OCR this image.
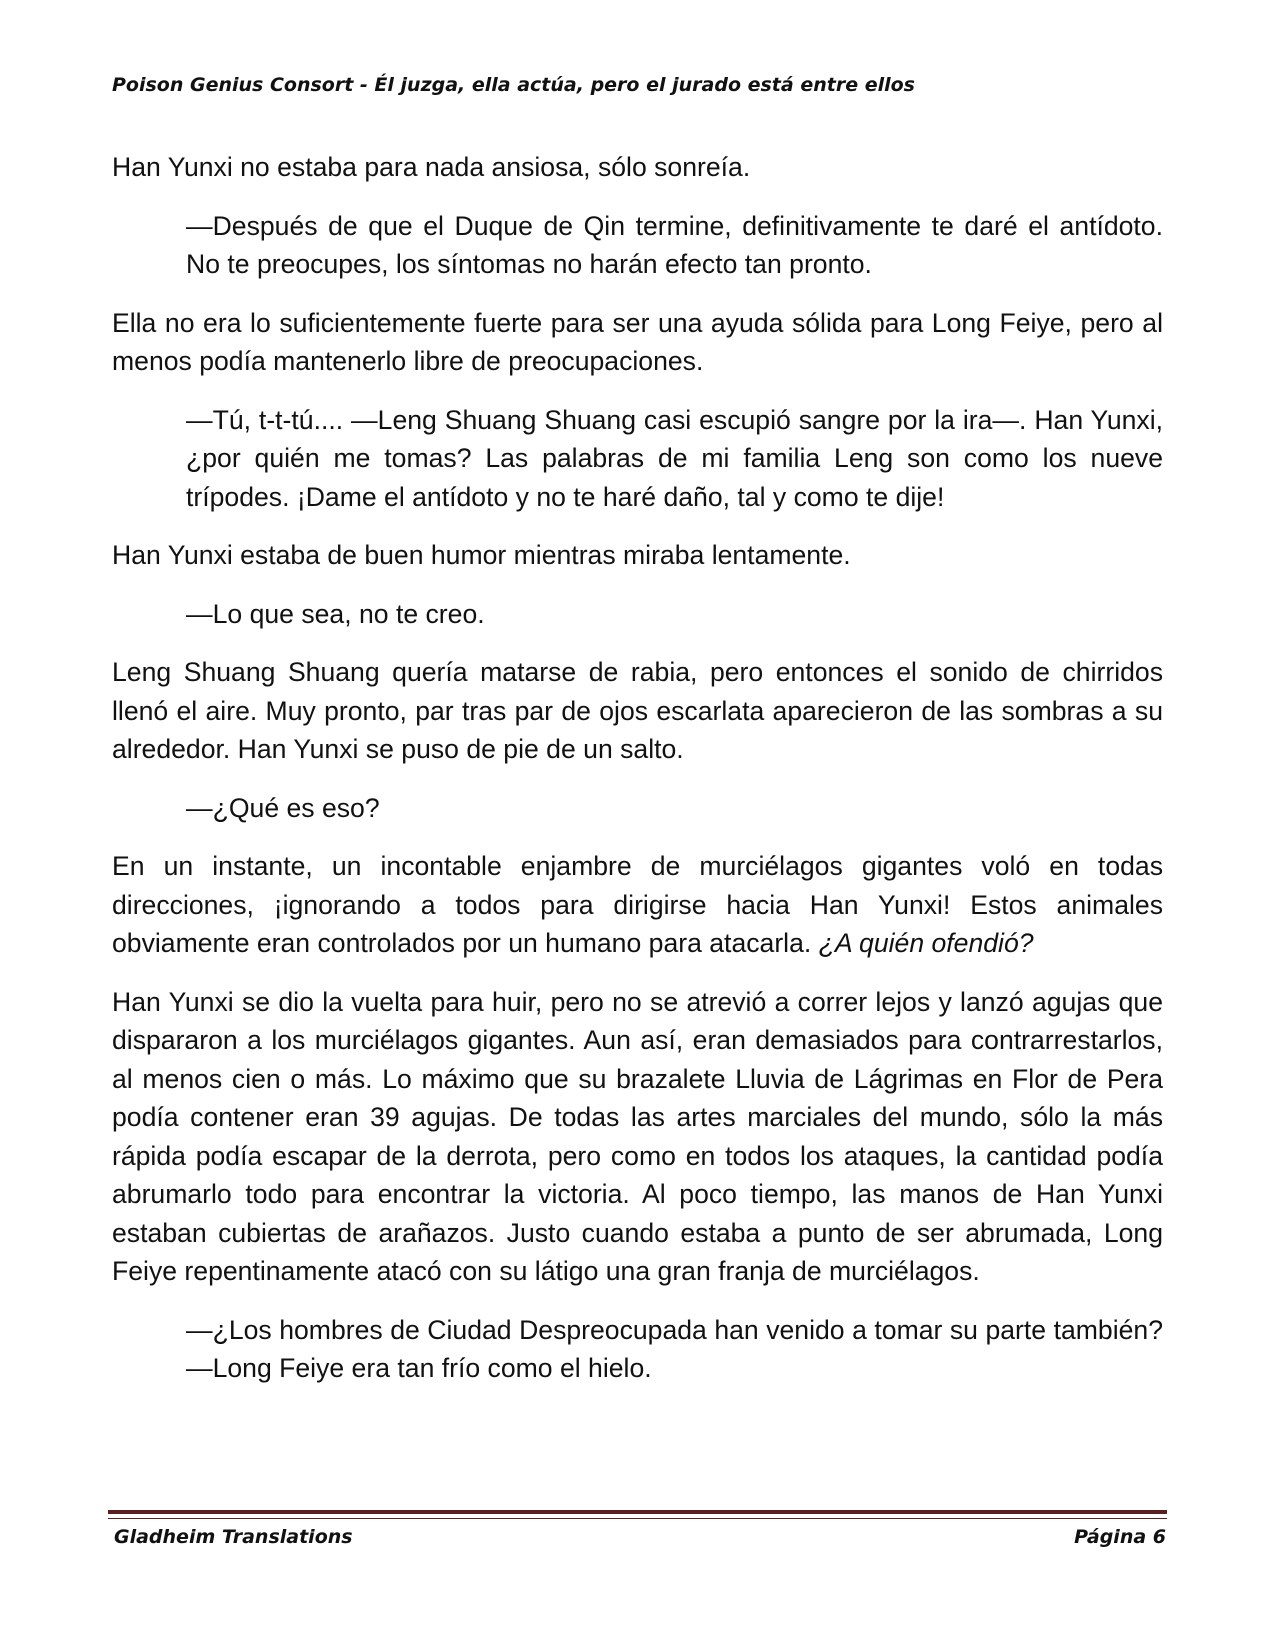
Poison Genius Consort - Él juzga, ella actúa, pero el jurado está entre ellos

Han Yunxi no estaba para nada ansiosa, sólo sonreía.

—Después de que el Duque de Qin termine, definitivamente te daré el antídoto. No te preocupes, los síntomas no harán efecto tan pronto.

Ella no era lo suficientemente fuerte para ser una ayuda sólida para Long Feiye, pero al menos podía mantenerlo libre de preocupaciones.

—Tú, t-t-tú.... —Leng Shuang Shuang casi escupió sangre por la ira—. Han Yunxi, ¿por quién me tomas? Las palabras de mi familia Leng son como los nueve trípodes. ¡Dame el antídoto y no te haré daño, tal y como te dije!

Han Yunxi estaba de buen humor mientras miraba lentamente.

—Lo que sea, no te creo.

Leng Shuang Shuang quería matarse de rabia, pero entonces el sonido de chirridos llenó el aire. Muy pronto, par tras par de ojos escarlata aparecieron de las sombras a su alrededor. Han Yunxi se puso de pie de un salto.

—¿Qué es eso?

En un instante, un incontable enjambre de murciélagos gigantes voló en todas direcciones, ¡ignorando a todos para dirigirse hacia Han Yunxi! Estos animales obviamente eran controlados por un humano para atacarla. ¿A quién ofendió?

Han Yunxi se dio la vuelta para huir, pero no se atrevió a correr lejos y lanzó agujas que dispararon a los murciélagos gigantes. Aun así, eran demasiados para contrarrestarlos, al menos cien o más. Lo máximo que su brazalete Lluvia de Lágrimas en Flor de Pera podía contener eran 39 agujas. De todas las artes marciales del mundo, sólo la más rápida podía escapar de la derrota, pero como en todos los ataques, la cantidad podía abrumarlo todo para encontrar la victoria. Al poco tiempo, las manos de Han Yunxi estaban cubiertas de arañazos. Justo cuando estaba a punto de ser abrumada, Long Feiye repentinamente atacó con su látigo una gran franja de murciélagos.

—¿Los hombres de Ciudad Despreocupada han venido a tomar su parte también? —Long Feiye era tan frío como el hielo.

Gladheim Translations	Página 6
